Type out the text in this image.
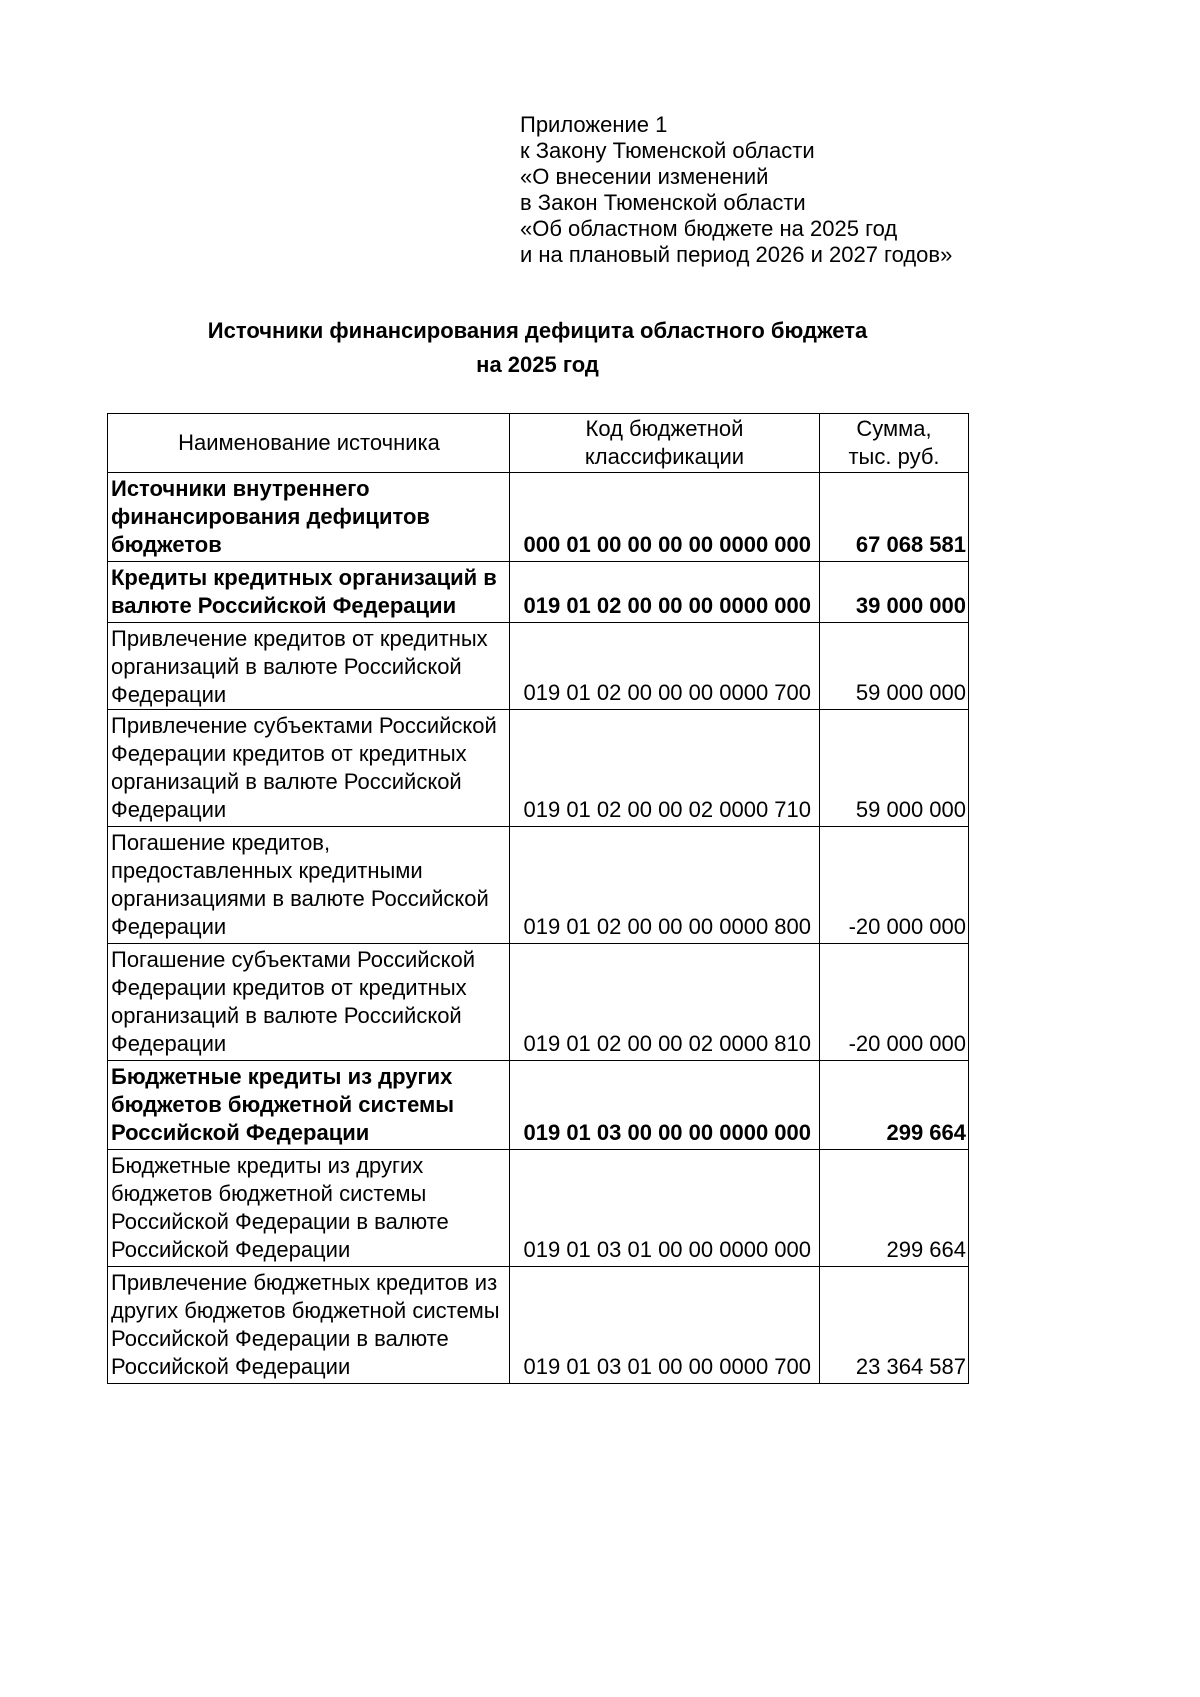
Приложение 1
к Закону Тюменской области
«О внесении изменений
в Закон Тюменской области
«Об областном бюджете на 2025 год
и на плановый период 2026 и 2027 годов»
Источники финансирования дефицита областного бюджета
на 2025 год
Наименование источника	Код бюджетной классификации	Сумма, тыс. руб.
Источники внутреннего финансирования дефицитов бюджетов	000 01 00 00 00 00 0000 000	67 068 581
Кредиты кредитных организаций в валюте Российской Федерации	019 01 02 00 00 00 0000 000	39 000 000
Привлечение кредитов от кредитных организаций в валюте Российской Федерации	019 01 02 00 00 00 0000 700	59 000 000
Привлечение субъектами Российской Федерации кредитов от кредитных организаций в валюте Российской Федерации	019 01 02 00 00 02 0000 710	59 000 000
Погашение кредитов, предоставленных кредитными организациями в валюте Российской Федерации	019 01 02 00 00 00 0000 800	-20 000 000
Погашение субъектами Российской Федерации кредитов от кредитных организаций в валюте Российской Федерации	019 01 02 00 00 02 0000 810	-20 000 000
Бюджетные кредиты из других бюджетов бюджетной системы Российской Федерации	019 01 03 00 00 00 0000 000	299 664
Бюджетные кредиты из других бюджетов бюджетной системы Российской Федерации в валюте Российской Федерации	019 01 03 01 00 00 0000 000	299 664
Привлечение бюджетных кредитов из других бюджетов бюджетной системы Российской Федерации в валюте Российской Федерации	019 01 03 01 00 00 0000 700	23 364 587
